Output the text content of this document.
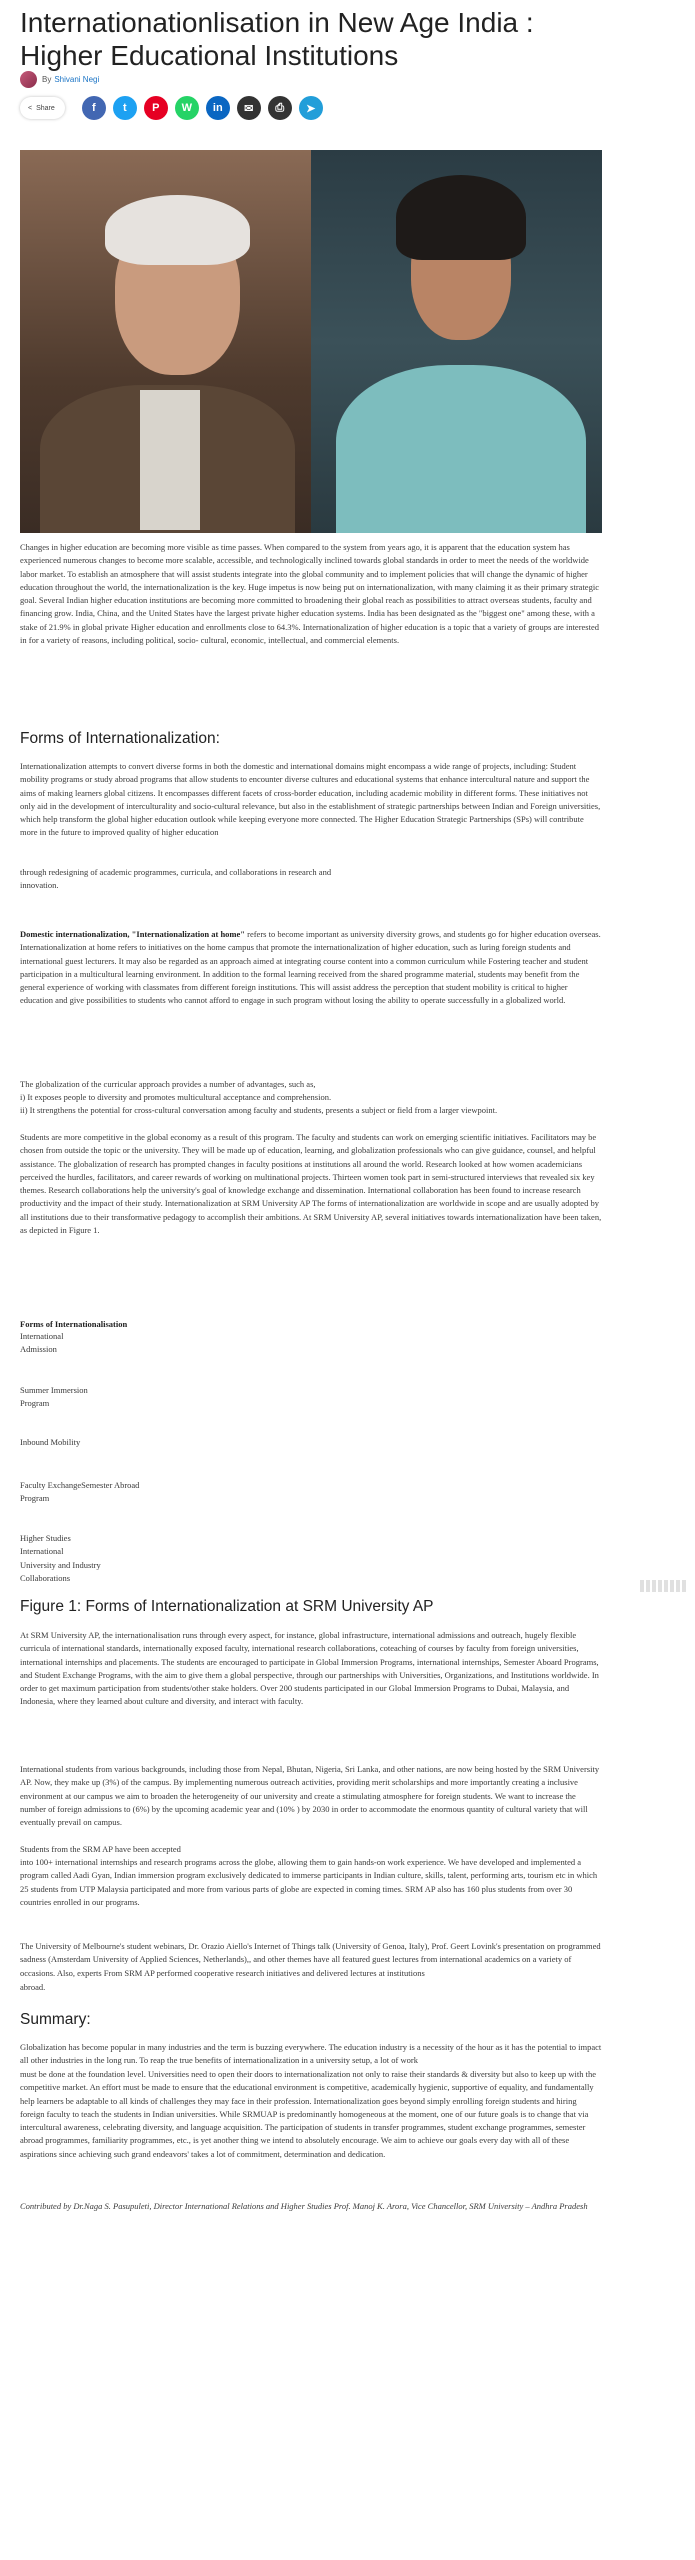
Internationationlisation in New Age India : Higher Educational Institutions
By Shivani Negi
< Share	f	t	P	W	in	✉	⎙	➤

Changes in higher education are becoming more visible as time passes. When compared to the system from years ago, it is apparent that the education system has experienced numerous changes to become more scalable, accessible, and technologically inclined towards global standards in order to meet the needs of the worldwide labor market. To establish an atmosphere that will assist students integrate into the global community and to implement policies that will change the dynamic of higher education throughout the world, the internationalization is the key. Huge impetus is now being put on internationalization, with many claiming it as their primary strategic goal. Several Indian higher education institutions are becoming more committed to broadening their global reach as possibilities to attract overseas students, faculty and financing grow. India, China, and the United States have the largest private higher education systems. India has been designated as the "biggest one" among these, with a stake of 21.9% in global private Higher education and enrollments close to 64.3%. Internationalization of higher education is a topic that a variety of groups are interested in for a variety of reasons, including political, socio- cultural, economic, intellectual, and commercial elements.

Forms of Internationalization:

Internationalization attempts to convert diverse forms in both the domestic and international domains might encompass a wide range of projects, including: Student mobility programs or study abroad programs that allow students to encounter diverse cultures and educational systems that enhance intercultural nature and support the aims of making learners global citizens. It encompasses different facets of cross-border education, including academic mobility in different forms. These initiatives not only aid in the development of interculturality and socio-cultural relevance, but also in the establishment of strategic partnerships between Indian and Foreign universities, which help transform the global higher education outlook while keeping everyone more connected. The Higher Education Strategic Partnerships (SPs) will contribute more in the future to improved quality of higher education

through redesigning of academic programmes, curricula, and collaborations in research and

innovation.

Domestic internationalization, "Internationalization at home" refers to become important as university diversity grows, and students go for higher education overseas. Internationalization at home refers to initiatives on the home campus that promote the internationalization of higher education, such as luring foreign students and international guest lecturers. It may also be regarded as an approach aimed at integrating course content into a common curriculum while Fostering teacher and student participation in a multicultural learning environment. In addition to the formal learning received from the shared programme material, students may benefit from the general experience of working with classmates from different foreign institutions. This will assist address the perception that student mobility is critical to higher education and give possibilities to students who cannot afford to engage in such program without losing the ability to operate successfully in a globalized world.

The globalization of the curricular approach provides a number of advantages, such as,

i) It exposes people to diversity and promotes multicultural acceptance and comprehension.

ii) It strengthens the potential for cross-cultural conversation among faculty and students, presents a subject or field from a larger viewpoint.

Students are more competitive in the global economy as a result of this program. The faculty and students can work on emerging scientific initiatives. Facilitators may be chosen from outside the topic or the university. They will be made up of education, learning, and globalization professionals who can give guidance, counsel, and helpful assistance. The globalization of research has prompted changes in faculty positions at institutions all around the world. Research looked at how women academicians perceived the hurdles, facilitators, and career rewards of working on multinational projects. Thirteen women took part in semi-structured interviews that revealed six key themes. Research collaborations help the university's goal of knowledge exchange and dissemination. International collaboration has been found to increase research productivity and the impact of their study. Internationalization at SRM University AP The forms of internationalization are worldwide in scope and are usually adopted by all institutions due to their transformative pedagogy to accomplish their ambitions. At SRM University AP, several initiatives towards internationalization have been taken, as depicted in Figure 1.

Forms of Internationalisation

International
Admission
Summer Immersion
Program
Inbound Mobility
Faculty ExchangeSemester Abroad
Program
Higher Studies
International
University and Industry
Collaborations
Figure 1: Forms of Internationalization at SRM University AP

At SRM University AP, the internationalisation runs through every aspect, for instance, global infrastructure, international admissions and outreach, hugely flexible curricula of international standards, internationally exposed faculty, international research collaborations, coteaching of courses by faculty from foreign universities, international internships and placements. The students are encouraged to participate in Global Immersion Programs, international internships, Semester Aboard Programs, and Student Exchange Programs, with the aim to give them a global perspective, through our partnerships with Universities, Organizations, and Institutions worldwide. In order to get maximum participation from students/other stake holders. Over 200 students participated in our Global Immersion Programs to Dubai, Malaysia, and Indonesia, where they learned about culture and diversity, and interact with faculty.

International students from various backgrounds, including those from Nepal, Bhutan, Nigeria, Sri Lanka, and other nations, are now being hosted by the SRM University AP. Now, they make up (3%) of the campus. By implementing numerous outreach activities, providing merit scholarships and more importantly creating a inclusive environment at our campus we aim to broaden the heterogeneity of our university and create a stimulating atmosphere for foreign students. We want to increase the number of foreign admissions to (6%) by the upcoming academic year and (10% ) by 2030 in order to accommodate the enormous quantity of cultural variety that will eventually prevail on campus.

Students from the SRM AP have been accepted

into 100+ international internships and research programs across the globe, allowing them to gain hands-on work experience. We have developed and implemented a program called Aadi Gyan, Indian immersion program exclusively dedicated to immerse participants in Indian culture, skills, talent, performing arts, tourism etc in which 25 students from UTP Malaysia participated and more from various parts of globe are expected in coming times. SRM AP also has 160 plus students from over 30 countries enrolled in our programs.

The University of Melbourne's student webinars, Dr. Orazio Aiello's Internet of Things talk (University of Genoa, Italy), Prof. Geert Lovink's presentation on programmed sadness (Amsterdam University of Applied Sciences, Netherlands),, and other themes have all featured guest lectures from international academics on a variety of occasions. Also, experts From SRM AP performed cooperative research initiatives and delivered lectures at institutions

abroad.

Summary:

Globalization has become popular in many industries and the term is buzzing everywhere. The education industry is a necessity of the hour as it has the potential to impact all other industries in the long run. To reap the true benefits of internationalization in a university setup, a lot of work

must be done at the foundation level. Universities need to open their doors to internationalization not only to raise their standards & diversity but also to keep up with the competitive market. An effort must be made to ensure that the educational environment is competitive, academically hygienic, supportive of equality, and fundamentally help learners be adaptable to all kinds of challenges they may face in their profession. Internationalization goes beyond simply enrolling foreign students and hiring foreign faculty to teach the students in Indian universities. While SRMUAP is predominantly homogeneous at the moment, one of our future goals is to change that via intercultural awareness, celebrating diversity, and language acquisition. The participation of students in transfer programmes, student exchange programmes, semester abroad programmes, familiarity programmes, etc., is yet another thing we intend to absolutely encourage. We aim to achieve our goals every day with all of these aspirations since achieving such grand endeavors' takes a lot of commitment, determination and dedication.

Contributed by Dr.Naga S. Pasupuleti, Director International Relations and Higher Studies Prof. Manoj K. Arora, Vice Chancellor, SRM University – Andhra Pradesh
